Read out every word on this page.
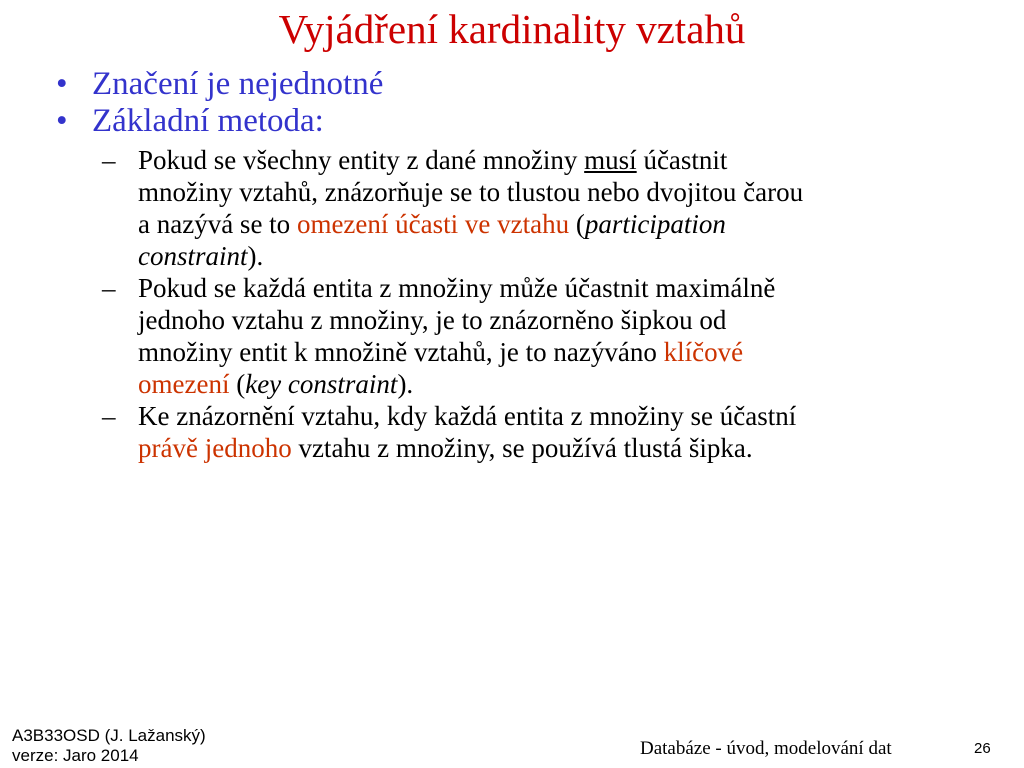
Vyjádření kardinality vztahů

• Značení je nejednotné

• Základní metoda:

– Pokud se všechny entity z dané množiny musí účastnit
množiny vztahů, znázorňuje se to tlustou nebo dvojitou čarou
a nazývá se to omezení účasti ve vztahu (participation
constraint).
– Pokud se každá entita z množiny může účastnit maximálně
jednoho vztahu z množiny, je to znázorněno šipkou od
množiny entit k množině vztahů, je to nazýváno klíčové
omezení (key constraint).
– Ke znázornění vztahu, kdy každá entita z množiny se účastní
právě jednoho vztahu z množiny, se používá tlustá šipka.
A3B33OSD (J. Lažanský)
verze: Jaro 2014	Databáze - úvod, modelování dat	26
